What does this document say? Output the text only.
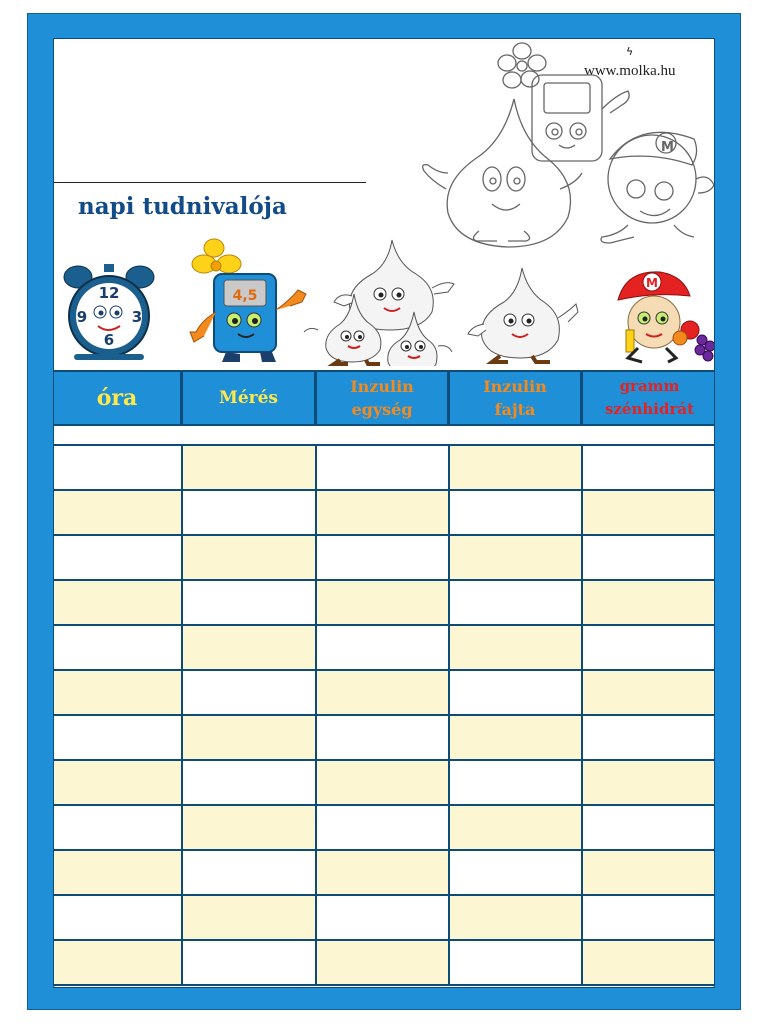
ϟ
www.molka.hu
napi tudnivalója
M
12
3
6
9
4,5
M
óra	Mérés
Inzulin
egység
Inzulin
fajta
gramm
szénhidrát
